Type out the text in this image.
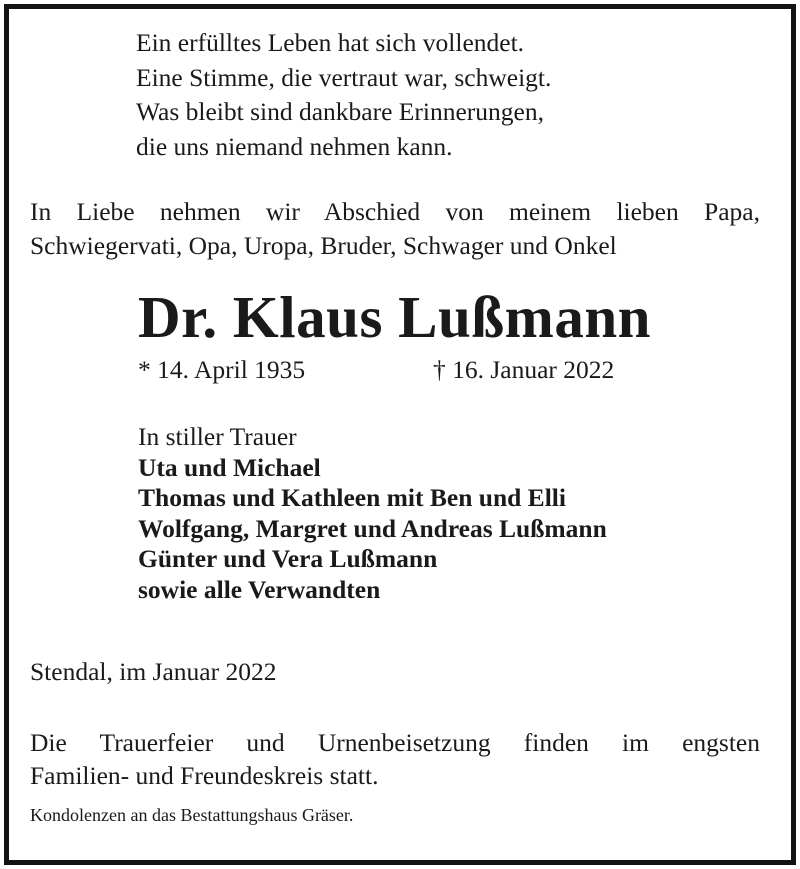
Ein erfülltes Leben hat sich vollendet.
Eine Stimme, die vertraut war, schweigt.
Was bleibt sind dankbare Erinnerungen,
die uns niemand nehmen kann.
In Liebe nehmen wir Abschied von meinem lieben Papa,
Schwiegervati, Opa, Uropa, Bruder, Schwager und Onkel
Dr. Klaus Lußmann
* 14. April 1935	† 16. Januar 2022
In stiller Trauer
Uta und Michael
Thomas und Kathleen mit Ben und Elli
Wolfgang, Margret und Andreas Lußmann
Günter und Vera Lußmann
sowie alle Verwandten
Stendal, im Januar 2022
Die Trauerfeier und Urnenbeisetzung finden im engsten
Familien- und Freundeskreis statt.
Kondolenzen an das Bestattungshaus Gräser.
